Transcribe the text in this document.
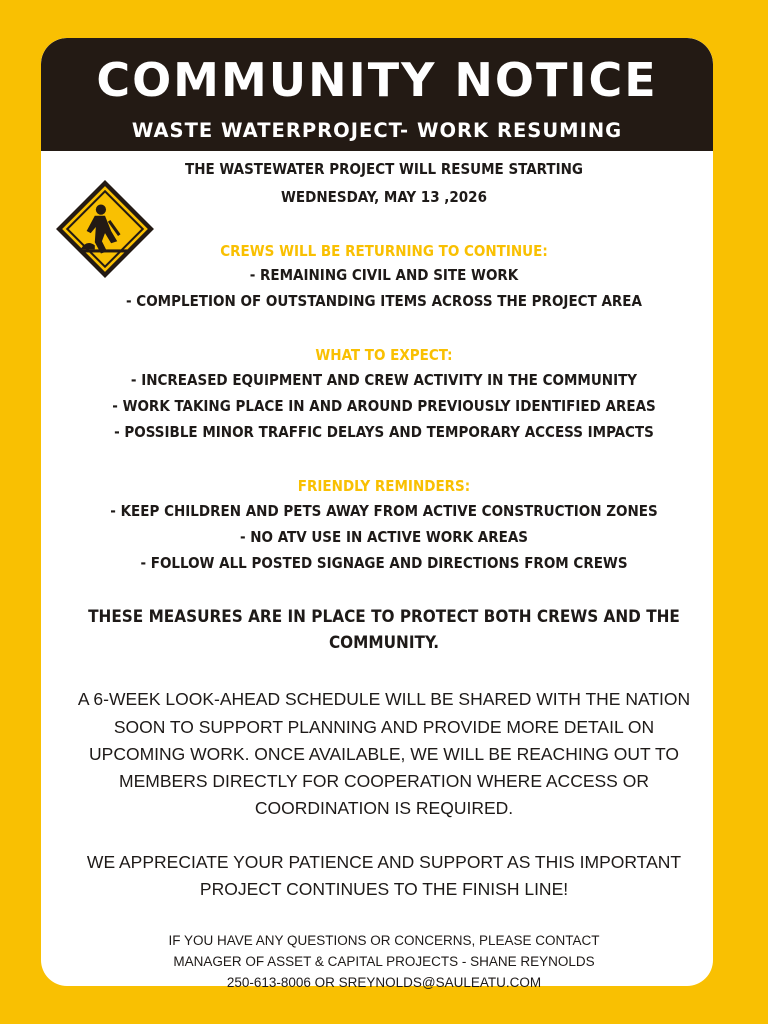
COMMUNITY NOTICE
WASTE WATERPROJECT- WORK RESUMING

THE WASTEWATER PROJECT WILL RESUME STARTING

WEDNESDAY, MAY 13 ,2026

CREWS WILL BE RETURNING TO CONTINUE:

- REMAINING CIVIL AND SITE WORK

- COMPLETION OF OUTSTANDING ITEMS ACROSS THE PROJECT AREA

WHAT TO EXPECT:

- INCREASED EQUIPMENT AND CREW ACTIVITY IN THE COMMUNITY

- WORK TAKING PLACE IN AND AROUND PREVIOUSLY IDENTIFIED AREAS

- POSSIBLE MINOR TRAFFIC DELAYS AND TEMPORARY ACCESS IMPACTS

FRIENDLY REMINDERS:

- KEEP CHILDREN AND PETS AWAY FROM ACTIVE CONSTRUCTION ZONES

- NO ATV USE IN ACTIVE WORK AREAS

- FOLLOW ALL POSTED SIGNAGE AND DIRECTIONS FROM CREWS

THESE MEASURES ARE IN PLACE TO PROTECT BOTH CREWS AND THE

COMMUNITY.

A 6-WEEK LOOK-AHEAD SCHEDULE WILL BE SHARED WITH THE NATION

SOON TO SUPPORT PLANNING AND PROVIDE MORE DETAIL ON

UPCOMING WORK. ONCE AVAILABLE, WE WILL BE REACHING OUT TO

MEMBERS DIRECTLY FOR COOPERATION WHERE ACCESS OR

COORDINATION IS REQUIRED.

WE APPRECIATE YOUR PATIENCE AND SUPPORT AS THIS IMPORTANT

PROJECT CONTINUES TO THE FINISH LINE!

IF YOU HAVE ANY QUESTIONS OR CONCERNS, PLEASE CONTACT

MANAGER OF ASSET & CAPITAL PROJECTS - SHANE REYNOLDS

250-613-8006 OR SREYNOLDS@SAULEATU.COM
